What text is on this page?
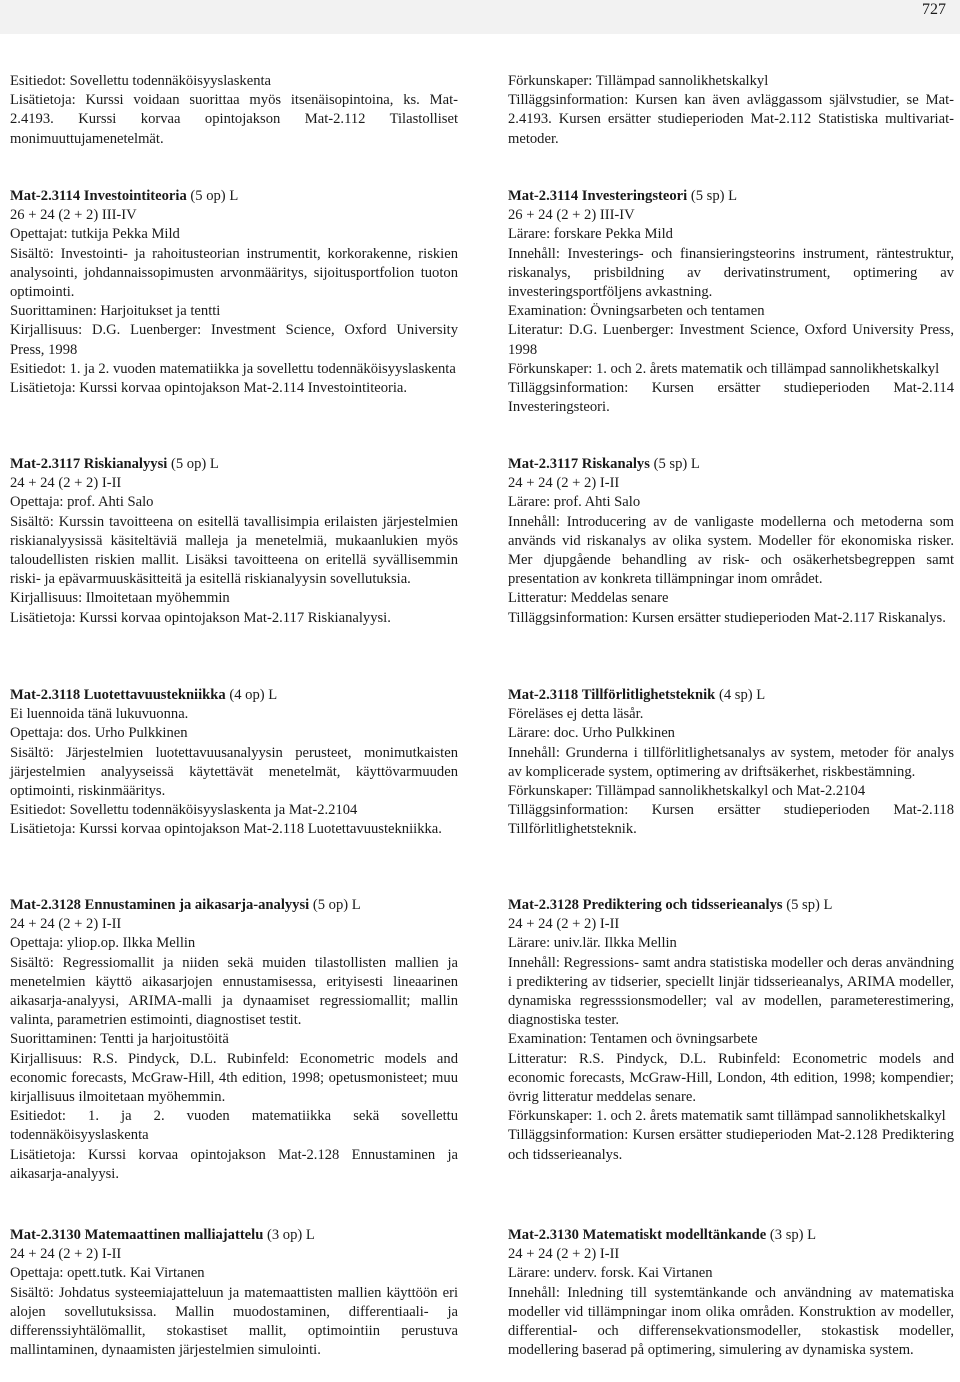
727

Esitiedot: Sovellettu todennäköisyyslaskenta

Lisätietoja: Kurssi voidaan suorittaa myös itsenäisopintoina, ks. Mat-2.4193. Kurssi korvaa opintojakson Mat-2.112 Tilastolliset monimuuttujamenetelmät.

Mat-2.3114 Investointiteoria (5 op) L

26 + 24 (2 + 2) III-IV

Opettajat: tutkija Pekka Mild

Sisältö: Investointi- ja rahoitusteorian instrumentit, korkorakenne, riskien analysointi, johdannaissopimusten arvonmääritys, sijoitusportfolion tuoton optimointi.

Suorittaminen: Harjoitukset ja tentti

Kirjallisuus: D.G. Luenberger: Investment Science, Oxford University Press, 1998

Esitiedot: 1. ja 2. vuoden matematiikka ja sovellettu todennäköisyyslaskenta

Lisätietoja: Kurssi korvaa opintojakson Mat-2.114 Investointiteoria.

Mat-2.3117 Riskianalyysi (5 op) L

24 + 24 (2 + 2) I-II

Opettaja: prof. Ahti Salo

Sisältö: Kurssin tavoitteena on esitellä tavallisimpia erilaisten järjestelmien riskianalyysissä käsiteltäviä malleja ja menetelmiä, mukaanlukien myös taloudellisten riskien mallit. Lisäksi tavoitteena on eritellä syvällisemmin riski- ja epävarmuuskäsitteitä ja esitellä riskianalyysin sovellutuksia.

Kirjallisuus: Ilmoitetaan myöhemmin

Lisätietoja: Kurssi korvaa opintojakson Mat-2.117 Riskianalyysi.

Mat-2.3118 Luotettavuustekniikka (4 op) L

Ei luennoida tänä lukuvuonna.

Opettaja: dos. Urho Pulkkinen

Sisältö: Järjestelmien luotettavuusanalyysin perusteet, monimutkaisten järjestelmien analyyseissä käytettävät menetelmät, käyttövarmuuden optimointi, riskinmääritys.

Esitiedot: Sovellettu todennäköisyyslaskenta ja Mat-2.2104

Lisätietoja: Kurssi korvaa opintojakson Mat-2.118 Luotettavuustekniikka.

Mat-2.3128 Ennustaminen ja aikasarja-analyysi (5 op) L

24 + 24 (2 + 2) I-II

Opettaja: yliop.op. Ilkka Mellin

Sisältö: Regressiomallit ja niiden sekä muiden tilastollisten mallien ja menetelmien käyttö aikasarjojen ennustamisessa, erityisesti lineaarinen aikasarja-analyysi, ARIMA-malli ja dynaamiset regressiomallit; mallin valinta, parametrien estimointi, diagnostiset testit.

Suorittaminen: Tentti ja harjoitustöitä

Kirjallisuus: R.S. Pindyck, D.L. Rubinfeld: Econometric models and economic forecasts, McGraw-Hill, 4th edition, 1998; opetusmonisteet; muu kirjallisuus ilmoitetaan myöhemmin.

Esitiedot: 1. ja 2. vuoden matematiikka sekä sovellettu todennäköisyyslaskenta

Lisätietoja: Kurssi korvaa opintojakson Mat-2.128 Ennustaminen ja aikasarja-analyysi.

Mat-2.3130 Matemaattinen malliajattelu (3 op) L

24 + 24 (2 + 2) I-II

Opettaja: opett.tutk. Kai Virtanen

Sisältö: Johdatus systeemiajatteluun ja matemaattisten mallien käyttöön eri alojen sovellutuksissa. Mallin muodostaminen, differentiaali- ja differenssiyhtälömallit, stokastiset mallit, optimointiin perustuva mallintaminen, dynaamisten järjestelmien simulointi.

Förkunskaper: Tillämpad sannolikhetskalkyl

Tilläggsinformation: Kursen kan även avläggassom självstudier, se Mat-2.4193. Kursen ersätter studieperioden Mat-2.112 Statistiska multivariat-metoder.

Mat-2.3114 Investeringsteori (5 sp) L

26 + 24 (2 + 2) III-IV

Lärare: forskare Pekka Mild

Innehåll: Investerings- och finansieringsteorins instrument, räntestruktur, riskanalys, prisbildning av derivatinstrument, optimering av investeringsportföljens avkastning.

Examination: Övningsarbeten och tentamen

Literatur: D.G. Luenberger: Investment Science, Oxford University Press, 1998

Förkunskaper: 1. och 2. årets matematik och tillämpad sannolikhetskalkyl

Tilläggsinformation: Kursen ersätter studieperioden Mat-2.114 Investeringsteori.

Mat-2.3117 Riskanalys (5 sp) L

24 + 24 (2 + 2) I-II

Lärare: prof. Ahti Salo

Innehåll: Introducering av de vanligaste modellerna och metoderna som används vid riskanalys av olika system. Modeller för ekonomiska risker. Mer djupgående behandling av risk- och osäkerhetsbegreppen samt presentation av konkreta tillämpningar inom området.

Litteratur: Meddelas senare

Tilläggsinformation: Kursen ersätter studieperioden Mat-2.117 Riskanalys.

Mat-2.3118 Tillförlitlighetsteknik (4 sp) L

Föreläses ej detta läsår.

Lärare: doc. Urho Pulkkinen

Innehåll: Grunderna i tillförlitlighetsanalys av system, metoder för analys av komplicerade system, optimering av driftsäkerhet, riskbestämning.

Förkunskaper: Tillämpad sannolikhetskalkyl och Mat-2.2104

Tilläggsinformation: Kursen ersätter studieperioden Mat-2.118 Tillförlitlighetsteknik.

Mat-2.3128 Prediktering och tidsserieanalys (5 sp) L

24 + 24 (2 + 2) I-II

Lärare: univ.lär. Ilkka Mellin

Innehåll: Regressions- samt andra statistiska modeller och deras användning i prediktering av tidserier, speciellt linjär tidsserieanalys, ARIMA modeller, dynamiska regresssionsmodeller; val av modellen, parameterestimering, diagnostiska tester.

Examination: Tentamen och övningsarbete

Litteratur: R.S. Pindyck, D.L. Rubinfeld: Econometric models and economic forecasts, McGraw-Hill, London, 4th edition, 1998; kompendier; övrig litteratur meddelas senare.

Förkunskaper: 1. och 2. årets matematik samt tillämpad sannolikhetskalkyl

Tilläggsinformation: Kursen ersätter studieperioden Mat-2.128 Prediktering och tidsserieanalys.

Mat-2.3130 Matematiskt modelltänkande (3 sp) L

24 + 24 (2 + 2) I-II

Lärare: underv. forsk. Kai Virtanen

Innehåll: Inledning till systemtänkande och användning av matematiska modeller vid tillämpningar inom olika områden. Konstruktion av modeller, differential- och differensekvationsmodeller, stokastisk modeller, modellering baserad på optimering, simulering av dynamiska system.
